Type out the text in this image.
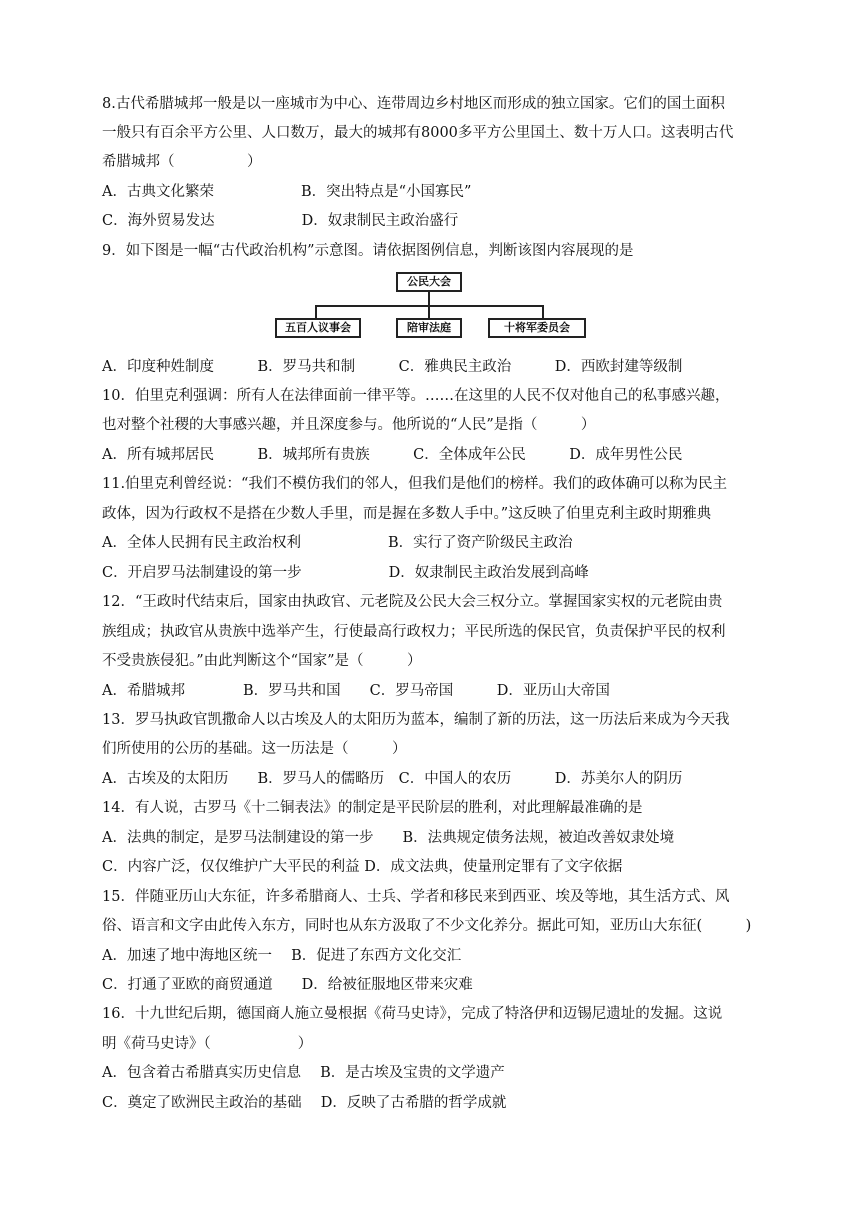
8.古代希腊城邦一般是以一座城市为中心、连带周边乡村地区而形成的独立国家。它们的国土面积
一般只有百余平方公里、人口数万，最大的城邦有8000多平方公里国土、数十万人口。这表明古代
希腊城邦（　　　　　）
A．古典文化繁荣　　　　　　B．突出特点是“小国寡民”
C．海外贸易发达　　　　　　D．奴隶制民主政治盛行
9．如下图是一幅“古代政治机构”示意图。请依据图例信息，判断该图内容展现的是
公民大会
五百人议事会	陪审法庭	十将军委员会
A．印度种姓制度　　　B．罗马共和制　　　C．雅典民主政治　　　D．西欧封建等级制
10．伯里克利强调：所有人在法律面前一律平等。……在这里的人民不仅对他自己的私事感兴趣，
也对整个社稷的大事感兴趣，并且深度参与。他所说的“人民”是指（　　　）
A．所有城邦居民　　　B．城邦所有贵族　　　C．全体成年公民　　　D．成年男性公民
11.伯里克利曾经说：“我们不模仿我们的邻人，但我们是他们的榜样。我们的政体确可以称为民主
政体，因为行政权不是搭在少数人手里，而是握在多数人手中。”这反映了伯里克利主政时期雅典
A．全体人民拥有民主政治权利　　　　　　B．实行了资产阶级民主政治
C．开启罗马法制建设的第一步　　　　　　D．奴隶制民主政治发展到高峰
12．“王政时代结束后，国家由执政官、元老院及公民大会三权分立。掌握国家实权的元老院由贵
族组成；执政官从贵族中选举产生，行使最高行政权力；平民所选的保民官，负责保护平民的权利
不受贵族侵犯。”由此判断这个“国家”是（　　　）
A．希腊城邦　　　　B．罗马共和国　　C．罗马帝国　　　D．亚历山大帝国
13．罗马执政官凯撒命人以古埃及人的太阳历为蓝本，编制了新的历法，这一历法后来成为今天我
们所使用的公历的基础。这一历法是（　　　）
A．古埃及的太阳历　　B．罗马人的儒略历　C．中国人的农历　　　D．苏美尔人的阴历
14．有人说，古罗马《十二铜表法》的制定是平民阶层的胜利，对此理解最准确的是
A．法典的制定，是罗马法制建设的第一步　　B．法典规定债务法规，被迫改善奴隶处境
C．内容广泛，仅仅维护广大平民的利益 D．成文法典，使量刑定罪有了文字依据
15．伴随亚历山大东征，许多希腊商人、士兵、学者和移民来到西亚、埃及等地，其生活方式、风
俗、语言和文字由此传入东方，同时也从东方汲取了不少文化养分。据此可知，亚历山大东征(　　　)
A．加速了地中海地区统一　 B．促进了东西方文化交汇
C．打通了亚欧的商贸通道　　D．给被征服地区带来灾难
16．十九世纪后期，德国商人施立曼根据《荷马史诗》，完成了特洛伊和迈锡尼遗址的发掘。这说
明《荷马史诗》（　　　　　　）
A．包含着古希腊真实历史信息　 B．是古埃及宝贵的文学遗产
C．奠定了欧洲民主政治的基础　 D．反映了古希腊的哲学成就
